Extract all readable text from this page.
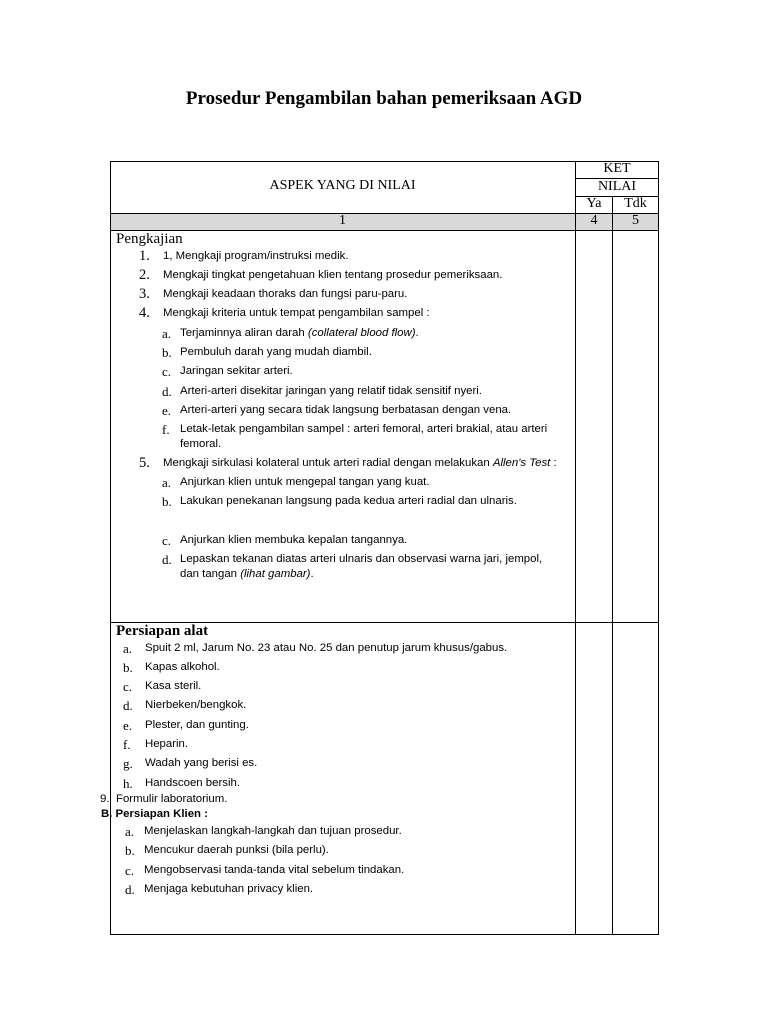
Prosedur Pengambilan bahan pemeriksaan AGD
ASPEK YANG DI NILAI
KET
NILAI
Ya	Tdk
1	4	5
Pengkajian
1.	1, Mengkaji program/instruksi medik.
2.	Mengkaji tingkat pengetahuan klien tentang prosedur pemeriksaan.
3.	Mengkaji keadaan thoraks dan fungsi paru-paru.
4.	Mengkaji kriteria untuk tempat pengambilan sampel :
a. Terjaminnya aliran darah (collateral blood flow).
b. Pembuluh darah yang mudah diambil.
c. Jaringan sekitar arteri.
d. Arteri-arteri disekitar jaringan yang relatif tidak sensitif nyeri.
e. Arteri-arteri yang secara tidak langsung berbatasan dengan vena.
f. Letak-letak pengambilan sampel : arteri femoral, arteri brakial, atau arteri femoral.
5.	Mengkaji sirkulasi kolateral untuk arteri radial dengan melakukan Allen's Test :
a. Anjurkan klien untuk mengepal tangan yang kuat.
b. Lakukan penekanan langsung pada kedua arteri radial dan ulnaris.
c. Anjurkan klien membuka kepalan tangannya.
d. Lepaskan tekanan diatas arteri ulnaris dan observasi warna jari, jempol, dan tangan (lihat gambar).
Persiapan alat
a.	Spuit 2 ml, Jarum No. 23 atau No. 25 dan penutup jarum khusus/gabus.
b.	Kapas alkohol.
c.	Kasa steril.
d.	Nierbeken/bengkok.
e.	Plester, dan gunting.
f.	Heparin.
g.	Wadah yang berisi es.
h.	Handscoen bersih.
9. Formulir laboratorium.
B. Persiapan Klien :
a. Menjelaskan langkah-langkah dan tujuan prosedur.
b. Mencukur daerah punksi (bila perlu).
c. Mengobservasi tanda-tanda vital sebelum tindakan.
d. Menjaga kebutuhan privacy klien.
